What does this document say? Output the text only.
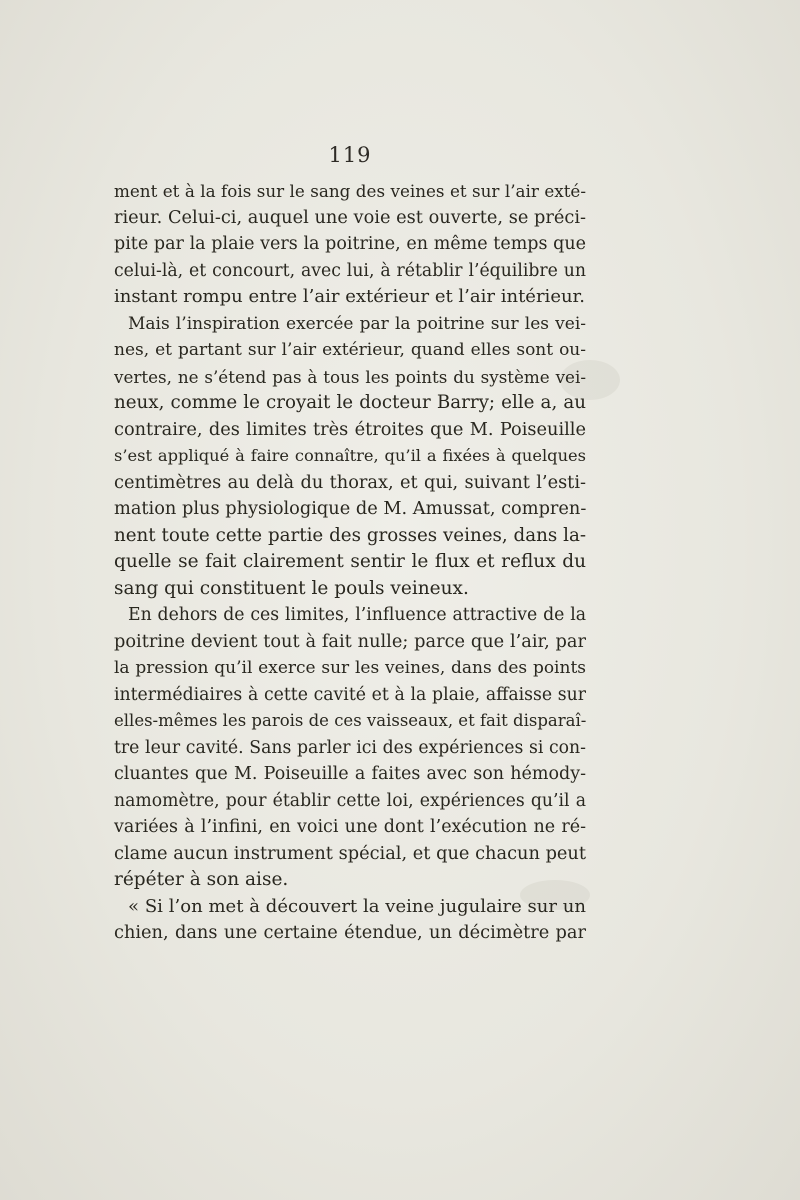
119
ment et à la fois sur le sang des veines et sur l’air exté-
rieur. Celui-ci, auquel une voie est ouverte, se préci-
pite par la plaie vers la poitrine, en même temps que
celui-là, et concourt, avec lui, à rétablir l’équilibre un
instant rompu entre l’air extérieur et l’air intérieur.
Mais l’inspiration exercée par la poitrine sur les vei-
nes, et partant sur l’air extérieur, quand elles sont ou-
vertes, ne s’étend pas à tous les points du système vei-
neux, comme le croyait le docteur Barry; elle a, au
contraire, des limites très étroites que M. Poiseuille
s’est appliqué à faire connaître, qu’il a fixées à quelques
centimètres au delà du thorax, et qui, suivant l’esti-
mation plus physiologique de M. Amussat, compren-
nent toute cette partie des grosses veines, dans la-
quelle se fait clairement sentir le flux et reflux du
sang qui constituent le pouls veineux.
En dehors de ces limites, l’influence attractive de la
poitrine devient tout à fait nulle; parce que l’air, par
la pression qu’il exerce sur les veines, dans des points
intermédiaires à cette cavité et à la plaie, affaisse sur
elles-mêmes les parois de ces vaisseaux, et fait disparaî-
tre leur cavité. Sans parler ici des expériences si con-
cluantes que M. Poiseuille a faites avec son hémody-
namomètre, pour établir cette loi, expériences qu’il a
variées à l’infini, en voici une dont l’exécution ne ré-
clame aucun instrument spécial, et que chacun peut
répéter à son aise.
« Si l’on met à découvert la veine jugulaire sur un
chien, dans une certaine étendue, un décimètre par
